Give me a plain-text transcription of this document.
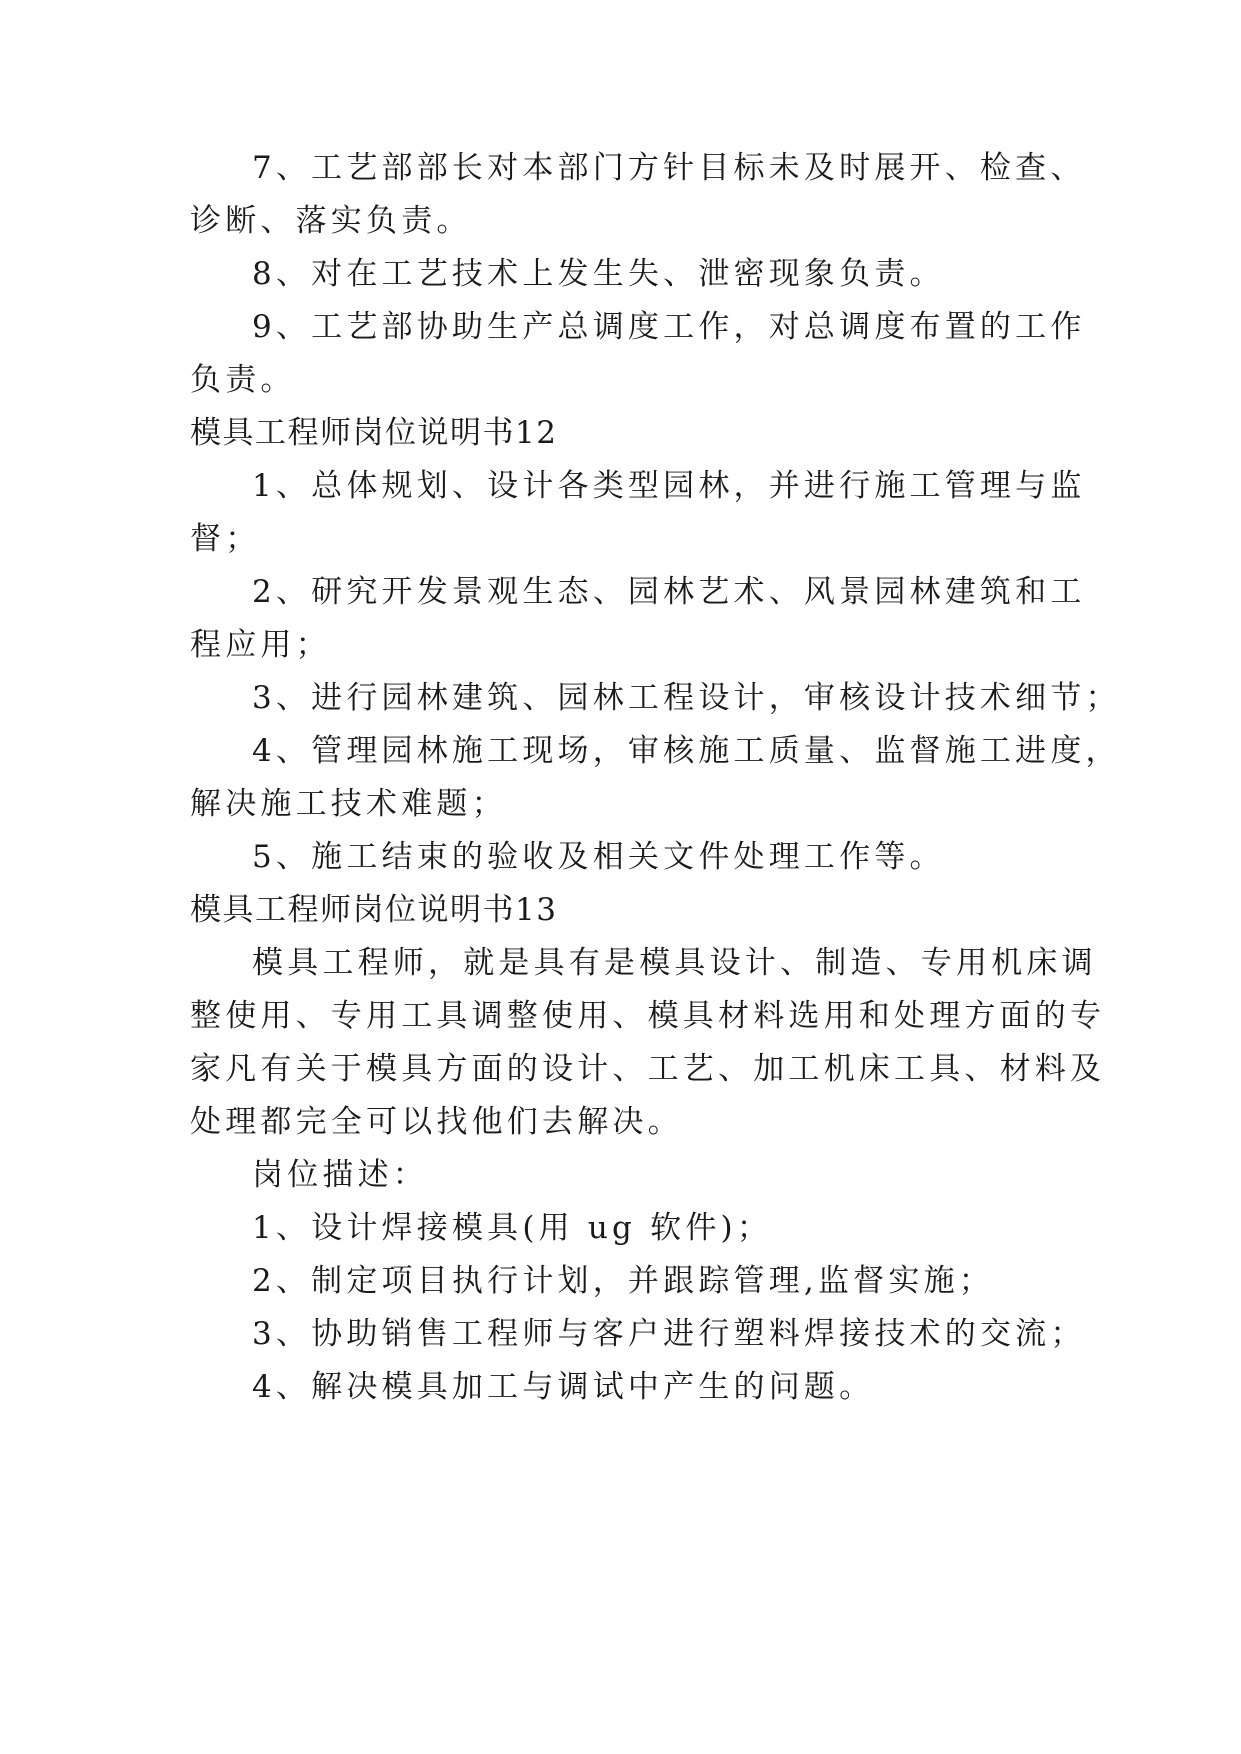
7、工艺部部长对本部门方针目标未及时展开、检查、
诊断、落实负责。
8、对在工艺技术上发生失、泄密现象负责。
9、工艺部协助生产总调度工作，对总调度布置的工作
负责。
模具工程师岗位说明书12
1、总体规划、设计各类型园林，并进行施工管理与监
督；
2、研究开发景观生态、园林艺术、风景园林建筑和工
程应用；
3、进行园林建筑、园林工程设计，审核设计技术细节；
4、管理园林施工现场，审核施工质量、监督施工进度，
解决施工技术难题；
5、施工结束的验收及相关文件处理工作等。
模具工程师岗位说明书13
模具工程师，就是具有是模具设计、制造、专用机床调
整使用、专用工具调整使用、模具材料选用和处理方面的专
家凡有关于模具方面的设计、工艺、加工机床工具、材料及
处理都完全可以找他们去解决。
岗位描述：
1、设计焊接模具(用 ug 软件)；
2、制定项目执行计划，并跟踪管理,监督实施；
3、协助销售工程师与客户进行塑料焊接技术的交流；
4、解决模具加工与调试中产生的问题。
